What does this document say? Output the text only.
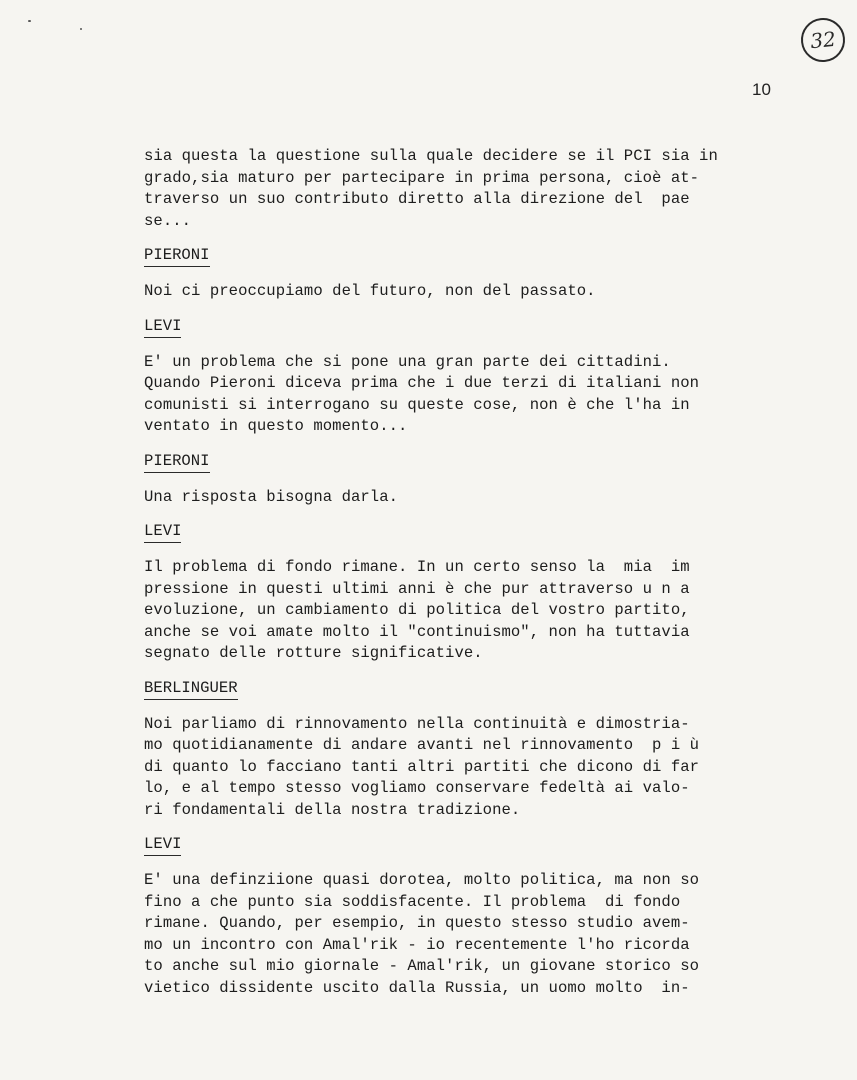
32
10

sia questa la questione sulla quale decidere se il PCI sia in
grado,sia maturo per partecipare in prima persona, cioè at-
traverso un suo contributo diretto alla direzione del  pae
se...

PIERONI

Noi ci preoccupiamo del futuro, non del passato.

LEVI

E' un problema che si pone una gran parte dei cittadini.
Quando Pieroni diceva prima che i due terzi di italiani non
comunisti si interrogano su queste cose, non è che l'ha in
ventato in questo momento...

PIERONI

Una risposta bisogna darla.

LEVI

Il problema di fondo rimane. In un certo senso la  mia  im
pressione in questi ultimi anni è che pur attraverso u n a
evoluzione, un cambiamento di politica del vostro partito,
anche se voi amate molto il "continuismo", non ha tuttavia
segnato delle rotture significative.

BERLINGUER

Noi parliamo di rinnovamento nella continuità e dimostria-
mo quotidianamente di andare avanti nel rinnovamento  p i ù
di quanto lo facciano tanti altri partiti che dicono di far
lo, e al tempo stesso vogliamo conservare fedeltà ai valo-
ri fondamentali della nostra tradizione.

LEVI

E' una definziione quasi dorotea, molto politica, ma non so
fino a che punto sia soddisfacente. Il problema  di fondo
rimane. Quando, per esempio, in questo stesso studio avem-
mo un incontro con Amal'rik - io recentemente l'ho ricorda
to anche sul mio giornale - Amal'rik, un giovane storico so
vietico dissidente uscito dalla Russia, un uomo molto  in-
